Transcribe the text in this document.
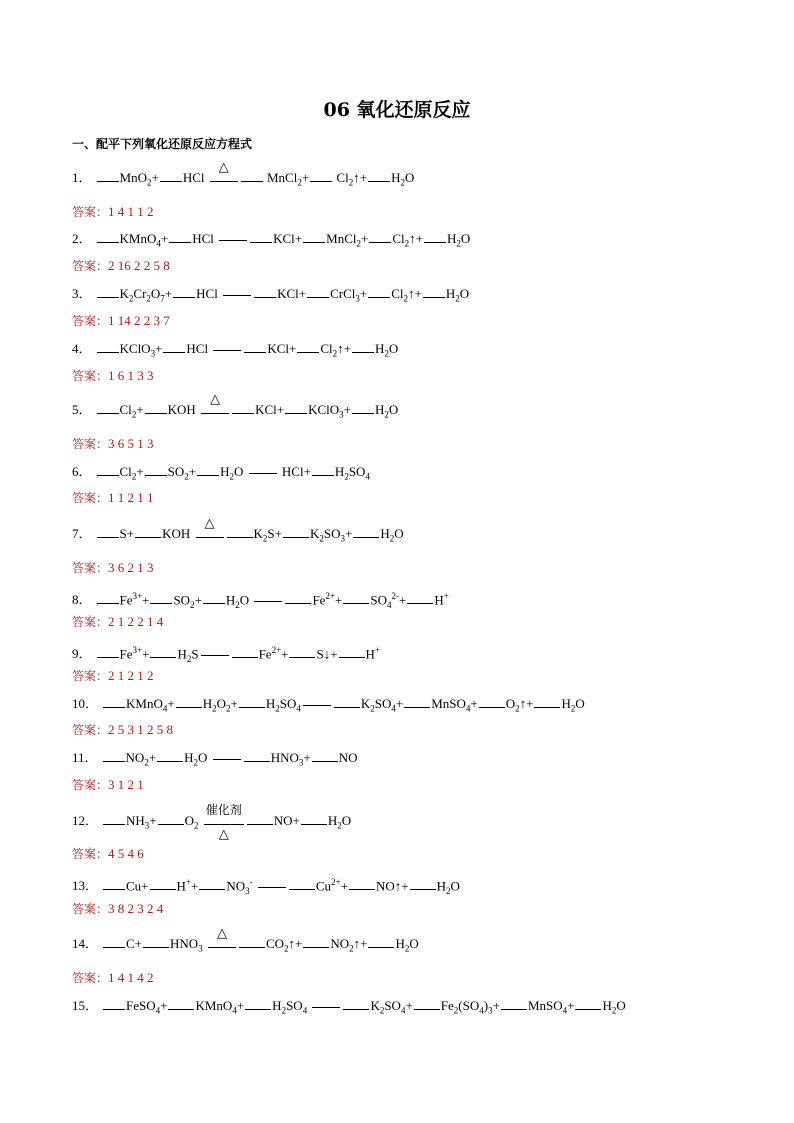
06 氧化还原反应
一、配平下列氧化还原反应方程式
1． MnO$_2$+ HCl
△
MnCl$_2$+ $Cl_2↑+ H_2O$
答案：1 4 1 1 2
2． KMnO$_4$+ HCl	KCl+ MnCl$_2$+ $Cl_2↑+ H_2O$
答案：2 16 2 2 5 8
3． $K_2Cr_2O_7+$ HCl	KCl+ CrCl$_3$+ $Cl_2↑+ H_2O$
答案：1 14 2 2 3 7
4． KClO$_3$+ HCl	$KCl+ Cl_2↑+ H_2O$
答案：1 6 1 3 3
5． $Cl_2+$ KOH
△
KCl+ KClO$_3$+ $H_2O$
答案：3 6 5 1 3
6． $Cl_2+ SO_2+ H_2O$  $HCl+ H_2SO_4$
答案：1 1 2 1 1
7． S+ KOH
△
$K_2S+ K_2SO_3+ H_2O$
答案：3 6 2 1 3
8． $Fe^{3+}+ SO_2+ H_2O$	$Fe^{2+}+ SO_4^{2-}+ H^+$
答案：2 1 2 2 1 4
9． $Fe^{3+}+ H_2S$	$Fe^{2+}+$ S↓+ H+
答案：2 1 2 1 2
10． KMnO$_4$+ $H_2O_2+ H_2SO_4$	$K_2SO_4+$ MnSO$_4$+ $O_2↑+ H_2O$
答案：2 5 3 1 2 5 8
11． $NO_2+ H_2O$	$HNO_3+$ NO
答案：3 1 2 1
12． $NH_3+ O_2$
催化剂
△
$NO+ H_2O$
答案：4 5 4 6
13． $Cu+ H^++ NO_3^-$	$Cu^{2+}+$ NO↑+ $H_2O$
答案：3 8 2 3 2 4
14． $C+ HNO_3$
△
$CO_2↑+$ $NO_2↑+ H_2O$
答案：1 4 1 4 2
15． FeSO$_4$+ KMnO$_4$+ $H_2SO_4$	$K_2SO_4+ Fe_2(SO_4)_3+$ MnSO$_4$+ $H_2O$
